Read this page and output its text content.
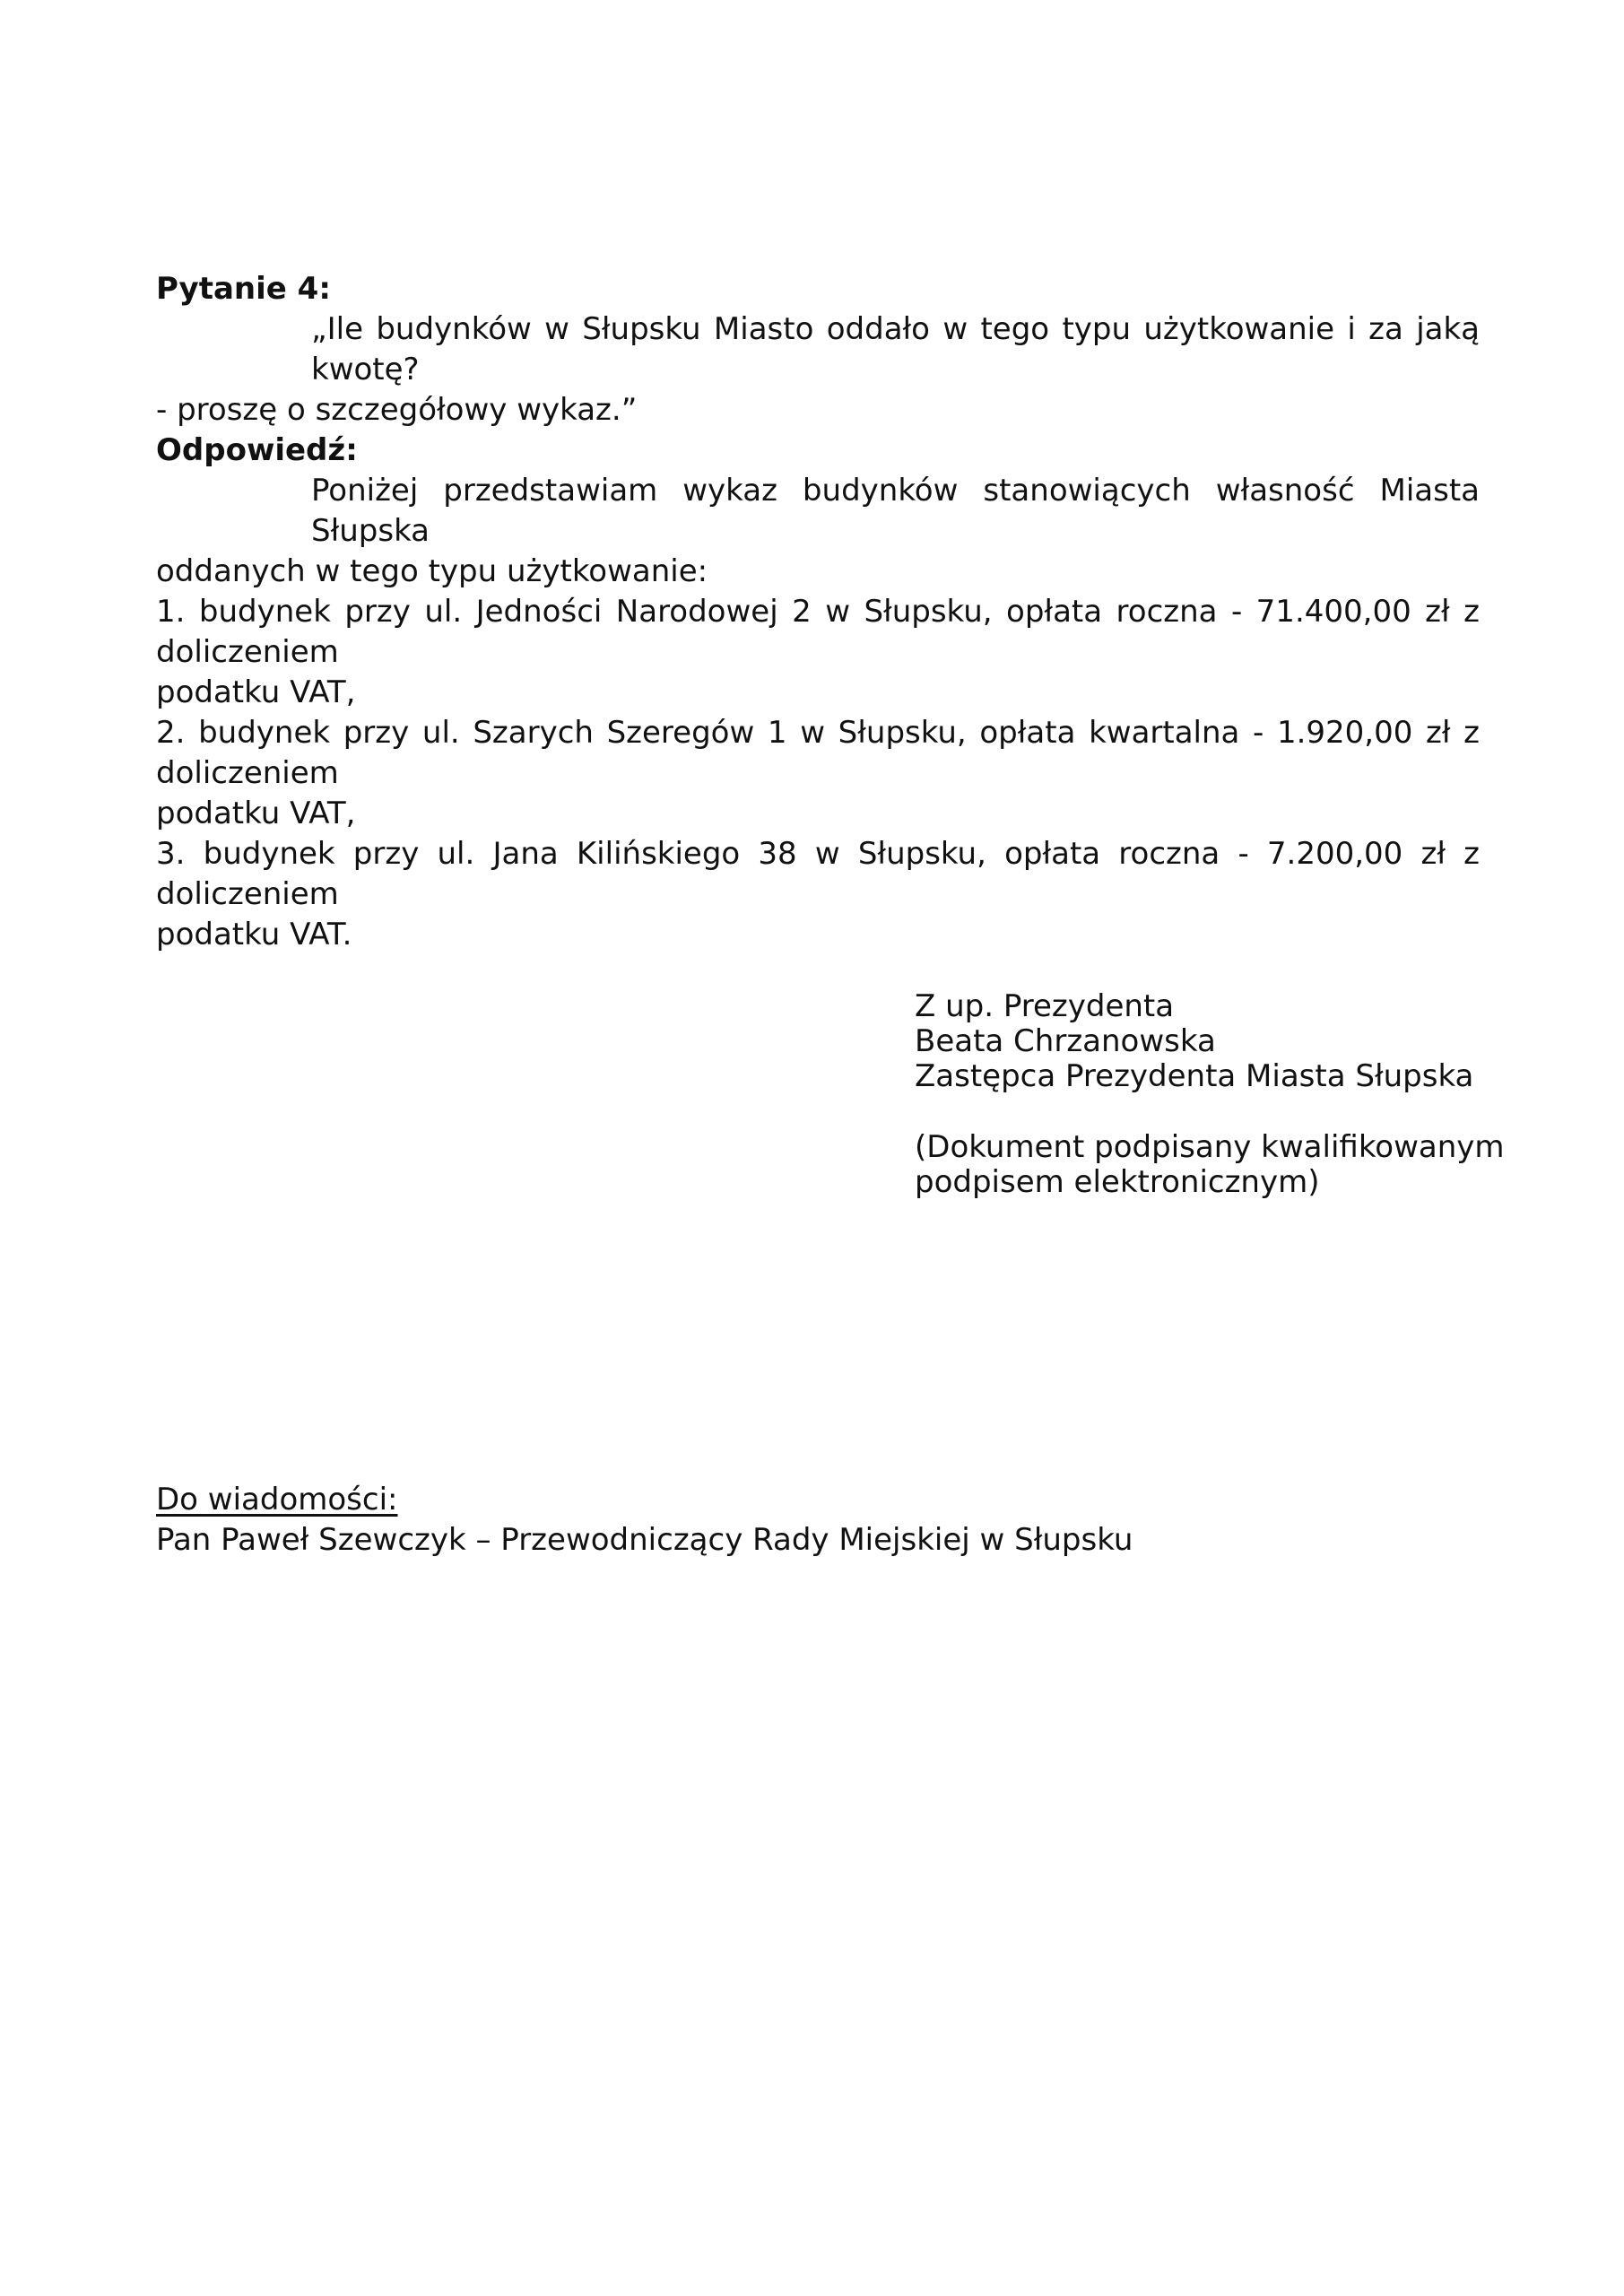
Pytanie 4:
„Ile budynków w Słupsku Miasto oddało w tego typu użytkowanie i za jaką kwotę?
- proszę o szczegółowy wykaz.”
Odpowiedź:
Poniżej przedstawiam wykaz budynków stanowiących własność Miasta Słupska
oddanych w tego typu użytkowanie:
1. budynek przy ul. Jedności Narodowej 2 w Słupsku, opłata roczna - 71.400,00 zł z doliczeniem
podatku VAT,
2. budynek przy ul. Szarych Szeregów 1 w Słupsku, opłata kwartalna - 1.920,00 zł z doliczeniem
podatku VAT,
3. budynek przy ul. Jana Kilińskiego 38 w Słupsku, opłata roczna - 7.200,00 zł z doliczeniem
podatku VAT.
Z up. Prezydenta
Beata Chrzanowska
Zastępca Prezydenta Miasta Słupska
(Dokument podpisany kwalifikowanym
podpisem elektronicznym)
Do wiadomości:
Pan Paweł Szewczyk – Przewodniczący Rady Miejskiej w Słupsku
